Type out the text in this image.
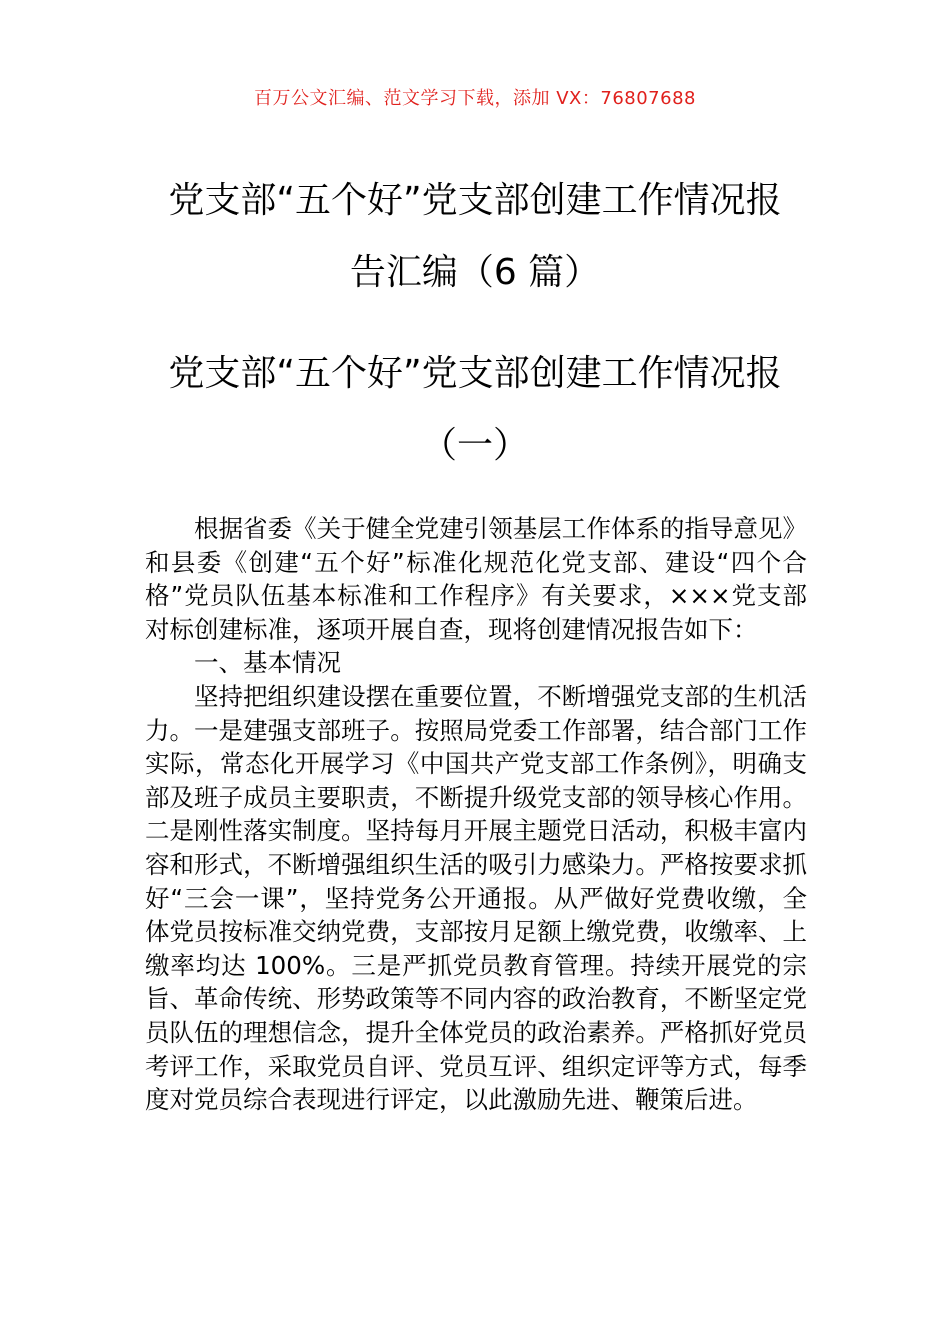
百万公文汇编、范文学习下载，添加 VX：76807688
党支部“五个好”党支部创建工作情况报
告汇编（6 篇）
党支部“五个好”党支部创建工作情况报
（一）

根据省委《关于健全党建引领基层工作体系的指导意见》和县委《创建“五个好”标准化规范化党支部、建设“四个合格”党员队伍基本标准和工作程序》有关要求，×××党支部对标创建标准，逐项开展自查，现将创建情况报告如下：

一、基本情况

坚持把组织建设摆在重要位置，不断增强党支部的生机活力。一是建强支部班子。按照局党委工作部署，结合部门工作实际，常态化开展学习《中国共产党支部工作条例》，明确支部及班子成员主要职责，不断提升级党支部的领导核心作用。二是刚性落实制度。坚持每月开展主题党日活动，积极丰富内容和形式，不断增强组织生活的吸引力感染力。严格按要求抓好“三会一课”，坚持党务公开通报。从严做好党费收缴，全体党员按标准交纳党费，支部按月足额上缴党费，收缴率、上缴率均达 100%。三是严抓党员教育管理。持续开展党的宗旨、革命传统、形势政策等不同内容的政治教育，不断坚定党员队伍的理想信念，提升全体党员的政治素养。严格抓好党员考评工作，采取党员自评、党员互评、组织定评等方式，每季度对党员综合表现进行评定，以此激励先进、鞭策后进。
